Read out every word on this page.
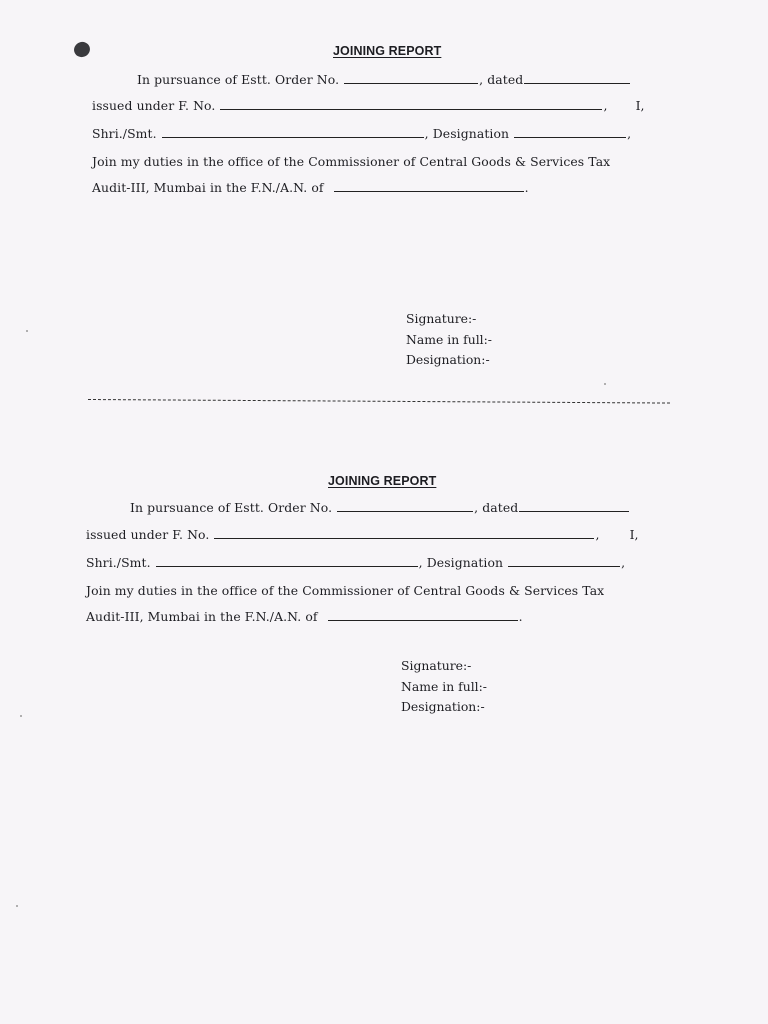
JOINING REPORT
In pursuance of Estt. Order No.	, dated
issued under F. No.	, I,
Shri./Smt.	, Designation	,
Join my duties in the office of the Commissioner of Central Goods & Services Tax
Audit-III, Mumbai in the F.N./A.N. of	.
Signature:-
Name in full:-
Designation:-
JOINING REPORT
In pursuance of Estt. Order No.	, dated
issued under F. No.	, I,
Shri./Smt.	, Designation	,
Join my duties in the office of the Commissioner of Central Goods & Services Tax
Audit-III, Mumbai in the F.N./A.N. of	.
Signature:-
Name in full:-
Designation:-
